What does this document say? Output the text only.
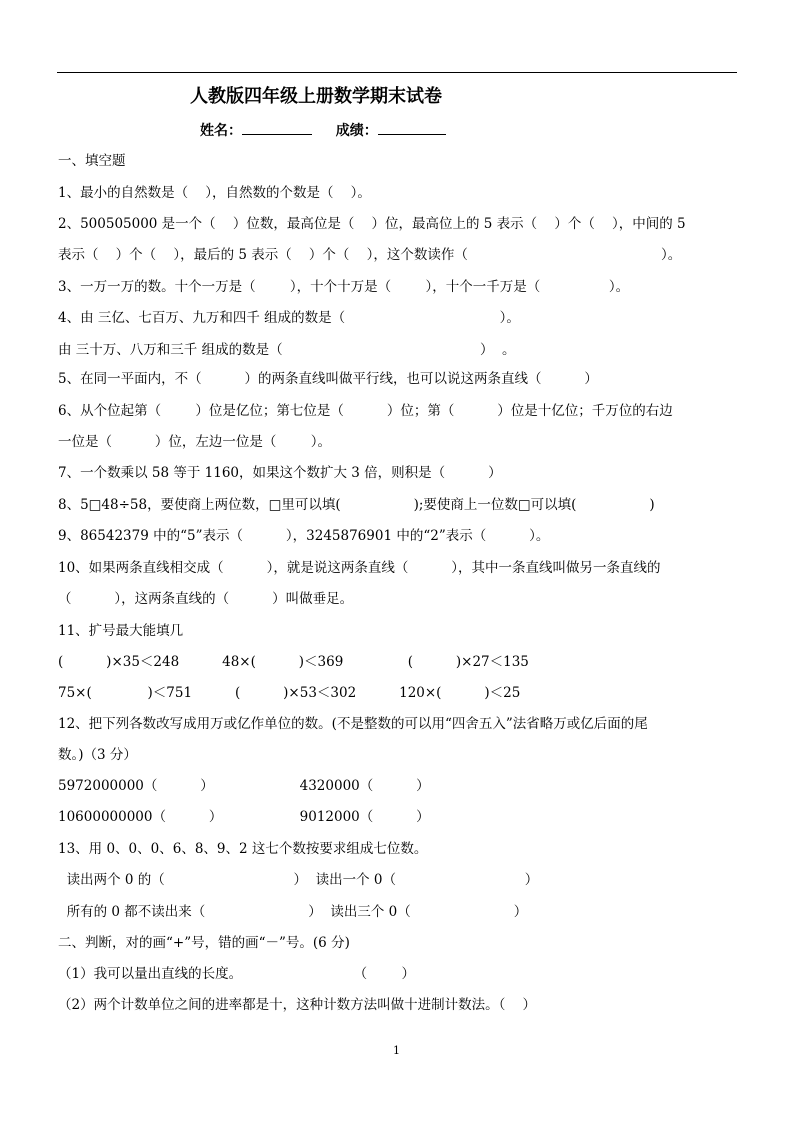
人教版四年级上册数学期末试卷
姓名：	成绩：
一、填空题
1、最小的自然数是（    ），自然数的个数是（    ）。
2、500505000 是一个（    ）位数，最高位是（    ）位，最高位上的 5 表示（    ）个（    ），中间的 5
表示（    ）个（    ），最后的 5 表示（    ）个（    ），这个数读作（                                             ）。
3、一万一万的数。十个一万是（        ），十个十万是（        ），十个一千万是（                ）。
4、由 三亿、七百万、九万和四千 组成的数是（                                    ）。
由 三十万、八万和三千 组成的数是（                                              ）  。
5、在同一平面内，不（          ）的两条直线叫做平行线，也可以说这两条直线（          ）
6、从个位起第（        ）位是亿位；第七位是（          ）位；第（          ）位是十亿位；千万位的右边
一位是（          ）位，左边一位是（        ）。
7、一个数乘以 58 等于 1160，如果这个数扩大 3 倍，则积是（          ）
8、5□48÷58，要使商上两位数，□里可以填(                 );要使商上一位数□可以填(                 )
9、86542379 中的“5”表示（          ），3245876901 中的“2”表示（          ）。
10、如果两条直线相交成（          ），就是说这两条直线（          ），其中一条直线叫做另一条直线的
（          ），这两条直线的（          ）叫做垂足。
11、扩号最大能填几
(          )×35＜248          48×(          )＜369               (          )×27＜135
75×(             )＜751          (          )×53＜302          120×(          )＜25
12、把下列各数改写成用万或亿作单位的数。(不是整数的可以用“四舍五入”法省略万或亿后面的尾
数。)（3 分）
5972000000（          ）                    4320000（          ）
10600000000（          ）                  9012000（          ）
13、用 0、0、0、6、8、9、2 这七个数按要求组成七位数。
读出两个 0 的（                              ）  读出一个 0（                              ）
所有的 0 都不读出来（                        ）  读出三个 0（                        ）
二、判断，对的画“+”号，错的画“－”号。(6 分)
（1）我可以量出直线的长度。                          （        ）
（2）两个计数单位之间的进率都是十，这种计数方法叫做十进制计数法。（    ）
1
